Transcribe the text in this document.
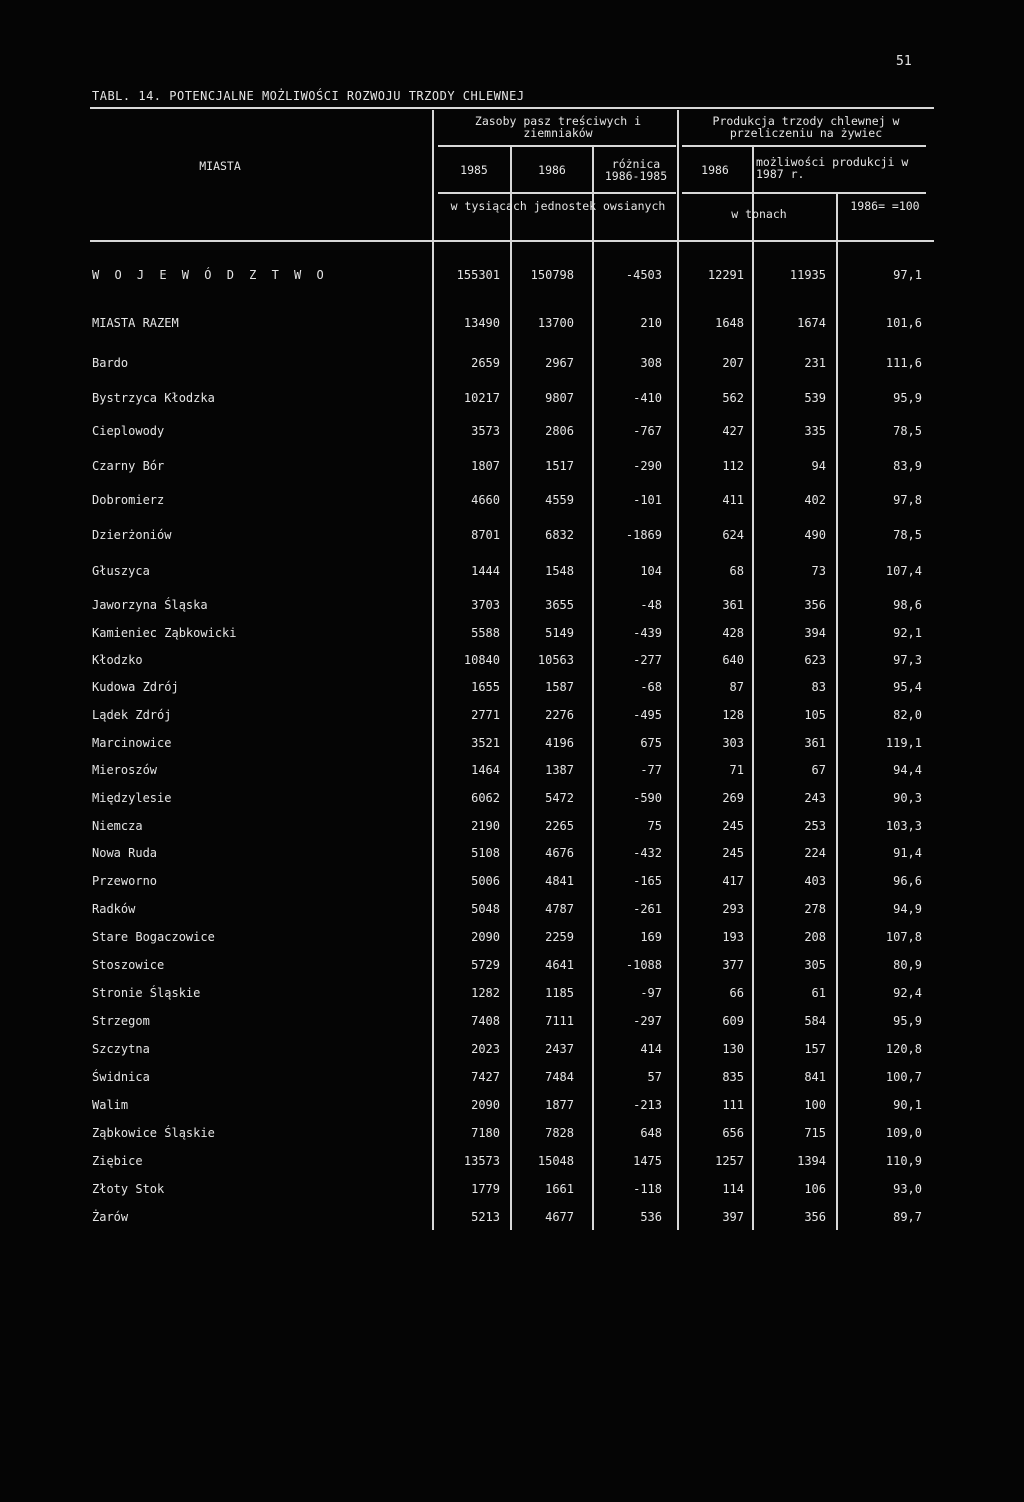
51
TABL. 14. POTENCJALNE MOŻLIWOŚCI ROZWOJU TRZODY CHLEWNEJ
MIASTA
Zasoby pasz treściwych i ziemniaków
Produkcja trzody chlewnej w przeliczeniu na żywiec
1985	1986	różnica 1986-1985	1986
możliwości produkcji w 1987 r.
w tysiącach jednostek owsianych
w tonach
1986= =100
W O J E W Ó D Z T W O	155301	150798	-4503	12291	11935	97,1
MIASTA RAZEM	13490	13700	210	1648	1674	101,6
Bardo	2659	2967	308	207	231	111,6
Bystrzyca Kłodzka	10217	9807	-410	562	539	95,9
Cieplowody	3573	2806	-767	427	335	78,5
Czarny Bór	1807	1517	-290	112	94	83,9
Dobromierz	4660	4559	-101	411	402	97,8
Dzierżoniów	8701	6832	-1869	624	490	78,5
Głuszyca	1444	1548	104	68	73	107,4
Jaworzyna Śląska	3703	3655	-48	361	356	98,6
Kamieniec Ząbkowicki	5588	5149	-439	428	394	92,1
Kłodzko	10840	10563	-277	640	623	97,3
Kudowa Zdrój	1655	1587	-68	87	83	95,4
Lądek Zdrój	2771	2276	-495	128	105	82,0
Marcinowice	3521	4196	675	303	361	119,1
Mieroszów	1464	1387	-77	71	67	94,4
Międzylesie	6062	5472	-590	269	243	90,3
Niemcza	2190	2265	75	245	253	103,3
Nowa Ruda	5108	4676	-432	245	224	91,4
Przeworno	5006	4841	-165	417	403	96,6
Radków	5048	4787	-261	293	278	94,9
Stare Bogaczowice	2090	2259	169	193	208	107,8
Stoszowice	5729	4641	-1088	377	305	80,9
Stronie Śląskie	1282	1185	-97	66	61	92,4
Strzegom	7408	7111	-297	609	584	95,9
Szczytna	2023	2437	414	130	157	120,8
Świdnica	7427	7484	57	835	841	100,7
Walim	2090	1877	-213	111	100	90,1
Ząbkowice Śląskie	7180	7828	648	656	715	109,0
Ziębice	13573	15048	1475	1257	1394	110,9
Złoty Stok	1779	1661	-118	114	106	93,0
Żarów	5213	4677	536	397	356	89,7
